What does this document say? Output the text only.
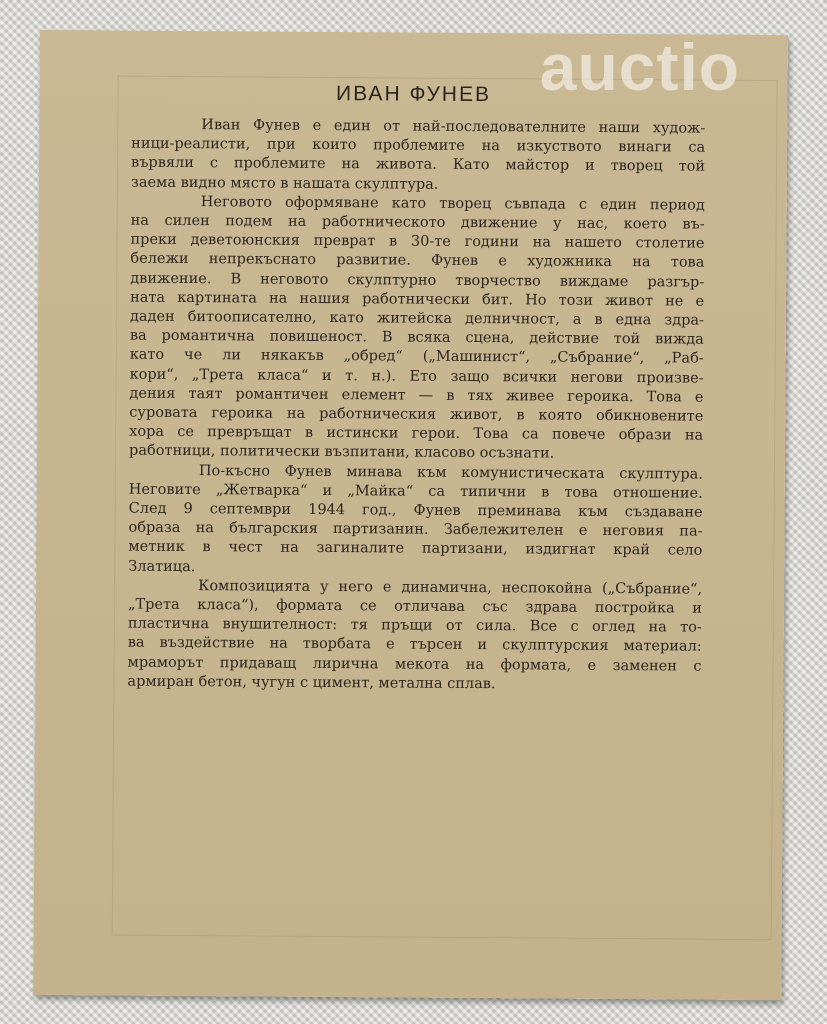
auctio
ИВАН ФУНЕВ
Иван Фунев е един от най-последователните наши худож-
ници-реалисти, при които проблемите на изкуството винаги са
вървяли с проблемите на живота. Като майстор и творец той
заема видно място в нашата скулптура.
Неговото оформяване като творец съвпада с един период
на силен подем на работническото движение у нас, което въ-
преки деветоюнския преврат в 30-те години на нашето столетие
бележи непрекъснато развитие. Фунев е художника на това
движение. В неговото скулптурно творчество виждаме разгър-
ната картината на нашия работнически бит. Но този живот не е
даден битоописателно, като житейска делничност, а в една здра-
ва романтична повишеност. В всяка сцена, действие той вижда
като че ли някакъв „обред“ („Машинист“, „Събрание“, „Раб-
кори“, „Трета класа“ и т. н.). Ето защо всички негови произве-
дения таят романтичен елемент — в тях живее героика. Това е
суровата героика на работническия живот, в която обикновените
хора се превръщат в истински герои. Това са повече образи на
работници, политически възпитани, класово осъзнати.
По-късно Фунев минава към комунистическата скулптура.
Неговите „Жетварка“ и „Майка“ са типични в това отношение.
След 9 септември 1944 год., Фунев преминава към създаване
образа на българския партизанин. Забележителен е неговия па-
метник в чест на загиналите партизани, издигнат край село
Златица.
Композицията у него е динамична, неспокойна („Събрание“,
„Трета класа“), формата се отличава със здрава постройка и
пластична внушителност: тя пръщи от сила. Все с оглед на то-
ва въздействие на творбата е търсен и скулптурския материал:
мраморът придаващ лирична мекота на формата, е заменен с
армиран бетон, чугун с цимент, металнa сплав.
